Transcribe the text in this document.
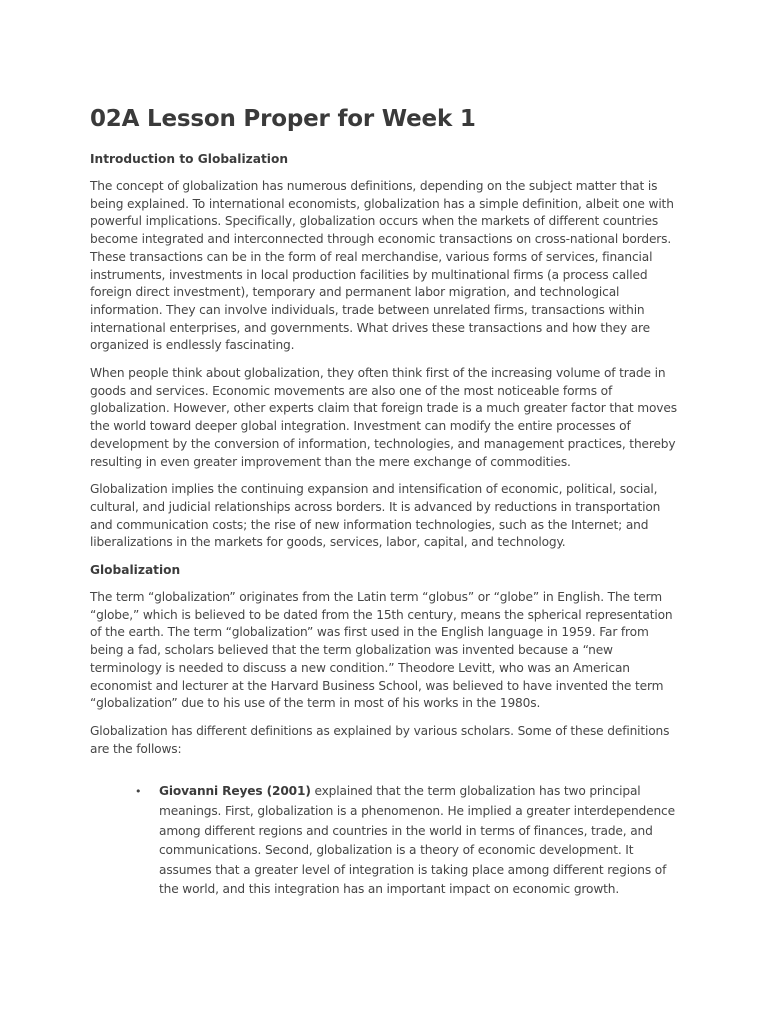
02A Lesson Proper for Week 1
Introduction to Globalization

The concept of globalization has numerous definitions, depending on the subject matter that is being explained. To international economists, globalization has a simple definition, albeit one with powerful implications. Specifically, globalization occurs when the markets of different countries become integrated and interconnected through economic transactions on cross-national borders. These transactions can be in the form of real merchandise, various forms of services, financial instruments, investments in local production facilities by multinational firms (a process called foreign direct investment), temporary and permanent labor migration, and technological information. They can involve individuals, trade between unrelated firms, transactions within international enterprises, and governments. What drives these transactions and how they are organized is endlessly fascinating.

When people think about globalization, they often think first of the increasing volume of trade in goods and services. Economic movements are also one of the most noticeable forms of globalization. However, other experts claim that foreign trade is a much greater factor that moves the world toward deeper global integration. Investment can modify the entire processes of development by the conversion of information, technologies, and management practices, thereby resulting in even greater improvement than the mere exchange of commodities.

Globalization implies the continuing expansion and intensification of economic, political, social, cultural, and judicial relationships across borders. It is advanced by reductions in transportation and communication costs; the rise of new information technologies, such as the Internet; and liberalizations in the markets for goods, services, labor, capital, and technology.

Globalization

The term “globalization” originates from the Latin term “globus” or “globe” in English. The term “globe,” which is believed to be dated from the 15th century, means the spherical representation of the earth. The term “globalization” was first used in the English language in 1959. Far from being a fad, scholars believed that the term globalization was invented because a “new terminology is needed to discuss a new condition.” Theodore Levitt, who was an American economist and lecturer at the Harvard Business School, was believed to have invented the term “globalization” due to his use of the term in most of his works in the 1980s.

Globalization has different definitions as explained by various scholars. Some of these definitions are the follows:

• Giovanni Reyes (2001) explained that the term globalization has two principal meanings. First, globalization is a phenomenon. He implied a greater interdependence among different regions and countries in the world in terms of finances, trade, and communications. Second, globalization is a theory of economic development. It assumes that a greater level of integration is taking place among different regions of the world, and this integration has an important impact on economic growth.
